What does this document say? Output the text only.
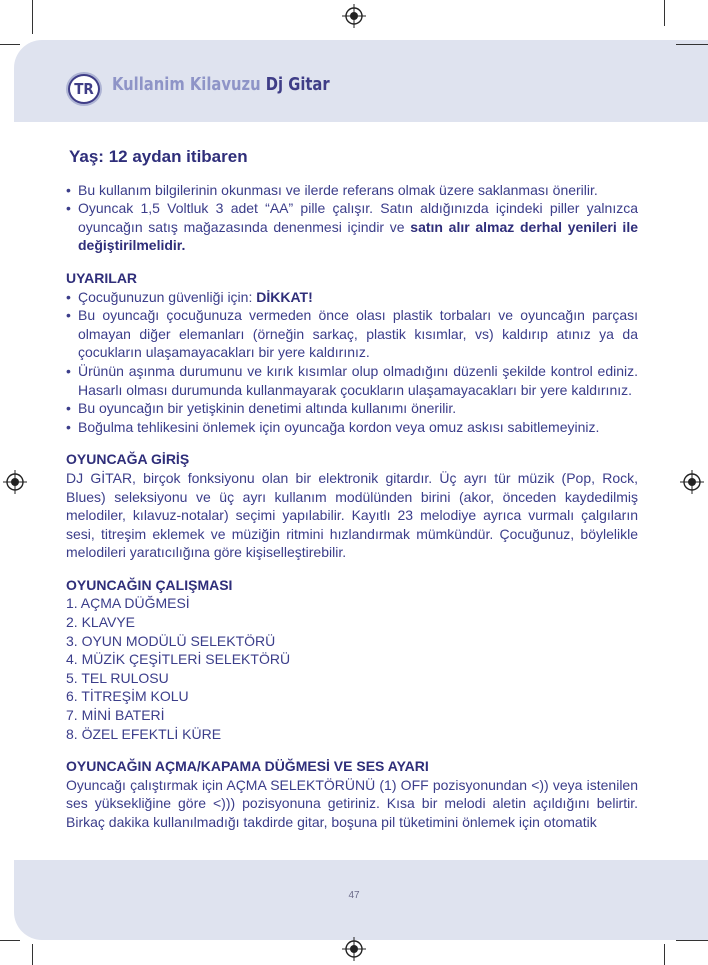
TR	Kullanim Kilavuzu Dj Gitar
Yaş: 12 aydan itibaren
• Bu kullanım bilgilerinin okunması ve ilerde referans olmak üzere saklanması önerilir.
• Oyuncak 1,5 Voltluk 3 adet “AA” pille çalışır. Satın aldığınızda içindeki piller yalnızca oyuncağın satış mağazasında denenmesi içindir ve satın alır almaz derhal yenileri ile değiştirilmelidir.

UYARILAR

• Çocuğunuzun güvenliği için: DİKKAT!
• Bu oyuncağı çocuğunuza vermeden önce olası plastik torbaları ve oyuncağın parçası olmayan diğer elemanları (örneğin sarkaç, plastik kısımlar, vs) kaldırıp atınız ya da çocukların ulaşamayacakları bir yere kaldırınız.
• Ürünün aşınma durumunu ve kırık kısımlar olup olmadığını düzenli şekilde kontrol ediniz. Hasarlı olması durumunda kullanmayarak çocukların ulaşamayacakları bir yere kaldırınız.
• Bu oyuncağın bir yetişkinin denetimi altında kullanımı önerilir.
• Boğulma tehlikesini önlemek için oyuncağa kordon veya omuz askısı sabitlemeyiniz.

OYUNCAĞA GİRİŞ

DJ GİTAR, birçok fonksiyonu olan bir elektronik gitardır. Üç ayrı tür müzik (Pop, Rock, Blues) seleksiyonu ve üç ayrı kullanım modülünden birini (akor, önceden kaydedilmiş melodiler, kılavuz-notalar) seçimi yapılabilir. Kayıtlı 23 melodiye ayrıca vurmalı çalgıların sesi, titreşim eklemek ve müziğin ritmini hızlandırmak mümkündür. Çocuğunuz, böylelikle melodileri yaratıcılığına göre kişiselleştirebilir.

OYUNCAĞIN ÇALIŞMASI

1. AÇMA DÜĞMESİ
2. KLAVYE
3. OYUN MODÜLÜ SELEKTÖRÜ
4. MÜZİK ÇEŞİTLERİ SELEKTÖRÜ
5. TEL RULOSU
6. TİTREŞİM KOLU
7. MİNİ BATERİ
8. ÖZEL EFEKTLİ KÜRE

OYUNCAĞIN AÇMA/KAPAMA DÜĞMESİ VE SES AYARI

Oyuncağı çalıştırmak için AÇMA SELEKTÖRÜNÜ (1) OFF pozisyonundan <)) veya istenilen ses yüksekliğine göre <))) pozisyonuna getiriniz. Kısa bir melodi aletin açıldığını belirtir. Birkaç dakika kullanılmadığı takdirde gitar, boşuna pil tüketimini önlemek için otomatik

47
